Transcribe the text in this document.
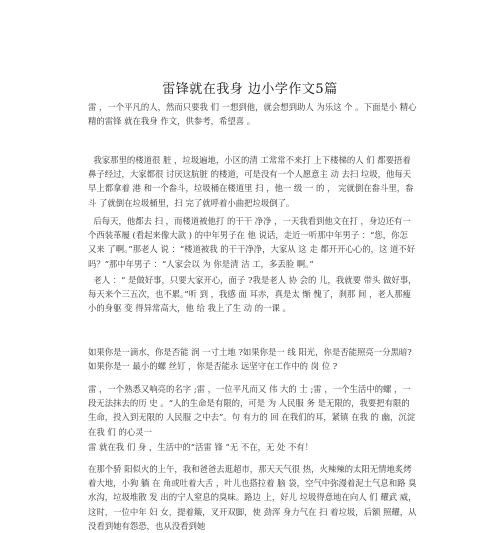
雷锋就在我身 边小学作文5篇
雷 ，一个平凡的人，然而只要我 们 一想到他，就会想到助人 为乐这 个 。下面是小 精心精的雷锋 就在我身 作文，供参考，希望喜 。
我家那里的楼道很 脏 ，垃圾遍地，小区的清 工常常不来打 上下楼梯的人 们 都要捂着鼻子经过，大家都很 讨厌这肮脏 的楼道，可是没有一个人愿意主 动 去扫 垃圾，他每天早上都拿着 港 和一个畚斗，垃圾桶在楼道里 扫 ，他一 级 一 的 ， 完就倒在畚斗里，畚斗 了就倒在垃圾桶里，扫 完了就呼着小曲把垃圾倒了。
后每天，他都去 扫 ，而楼道被他打 的干干 净净 ，一天我看到他文在打 ，身边还有一个西装革履 (看起来像大款 ) 的中年男子在 他 说话，走近一听那中年男子 ：“您，你怎 又来 了啊。”那老人 说 ：“楼道被我 的干干净净，大家从 这 走 都开开心心的，这 道不好 吗？”那中年男子 ：“人家会以 为 你是清 洁 工，多丢脸 啊。”
老人 ：“ 是做好事，只要大家开心，面子 ?我是老人 协 会的 儿，我就要 带头 做好事，每天来个三五次，也不累。”听 到 ，我感 面 耳赤，真是太 惭 愧了，刹那 间 ，老人那瘦小的身躯 变 得异常高大，他 给 我上了生 动 的一课 。
如果你是一滴水，你是否能 润 一寸土地 ?如果你是一 线 阳光，你是否能照亮一分黑暗?如果你是一 最小的螺 丝钉 ，你是否能永 远坚守在工作中的 岗 位 ?
雷 ，一个熟悉又响亮的名字 ;雷 ，一位平凡而又 伟 大的 士 ;雷 ，一个生活中的螺 ，一段无法抹去的历 史 。“人的生命是有限的，可是 为 人民服 务 是无限的，我要把有限的生命，投入到无限的 人民服 之中去”。句 有力的 回 在我们的耳，紧镇 在我 的 幽，沉淀在我 们 的心灵一
雷 就在我 们 身 ，生活中的“活雷 锋 ”无 不在，无 处 不有！
在那个骄 阳似火的上午，我和爸爸去逛超市，那天天气很 热，火辣辣的太阳无情地炙烤着大地，小狗 躺 在 角或吐着大舌 ，叶儿也搭拉着 脑 袋，空气中弥漫着泥土气息和路 臭水沟，垃圾堆散 发 出的宁人窒息的臭味。路边 上，好儿 垃圾得意地在向人 们 耀武 威，这时，一位中年 妇 女，提着簸，叉开双脚，使 劲浑 身力气在 扫 着垃圾，后额 照耀，从没看到她有怨恐，也从没看到她
